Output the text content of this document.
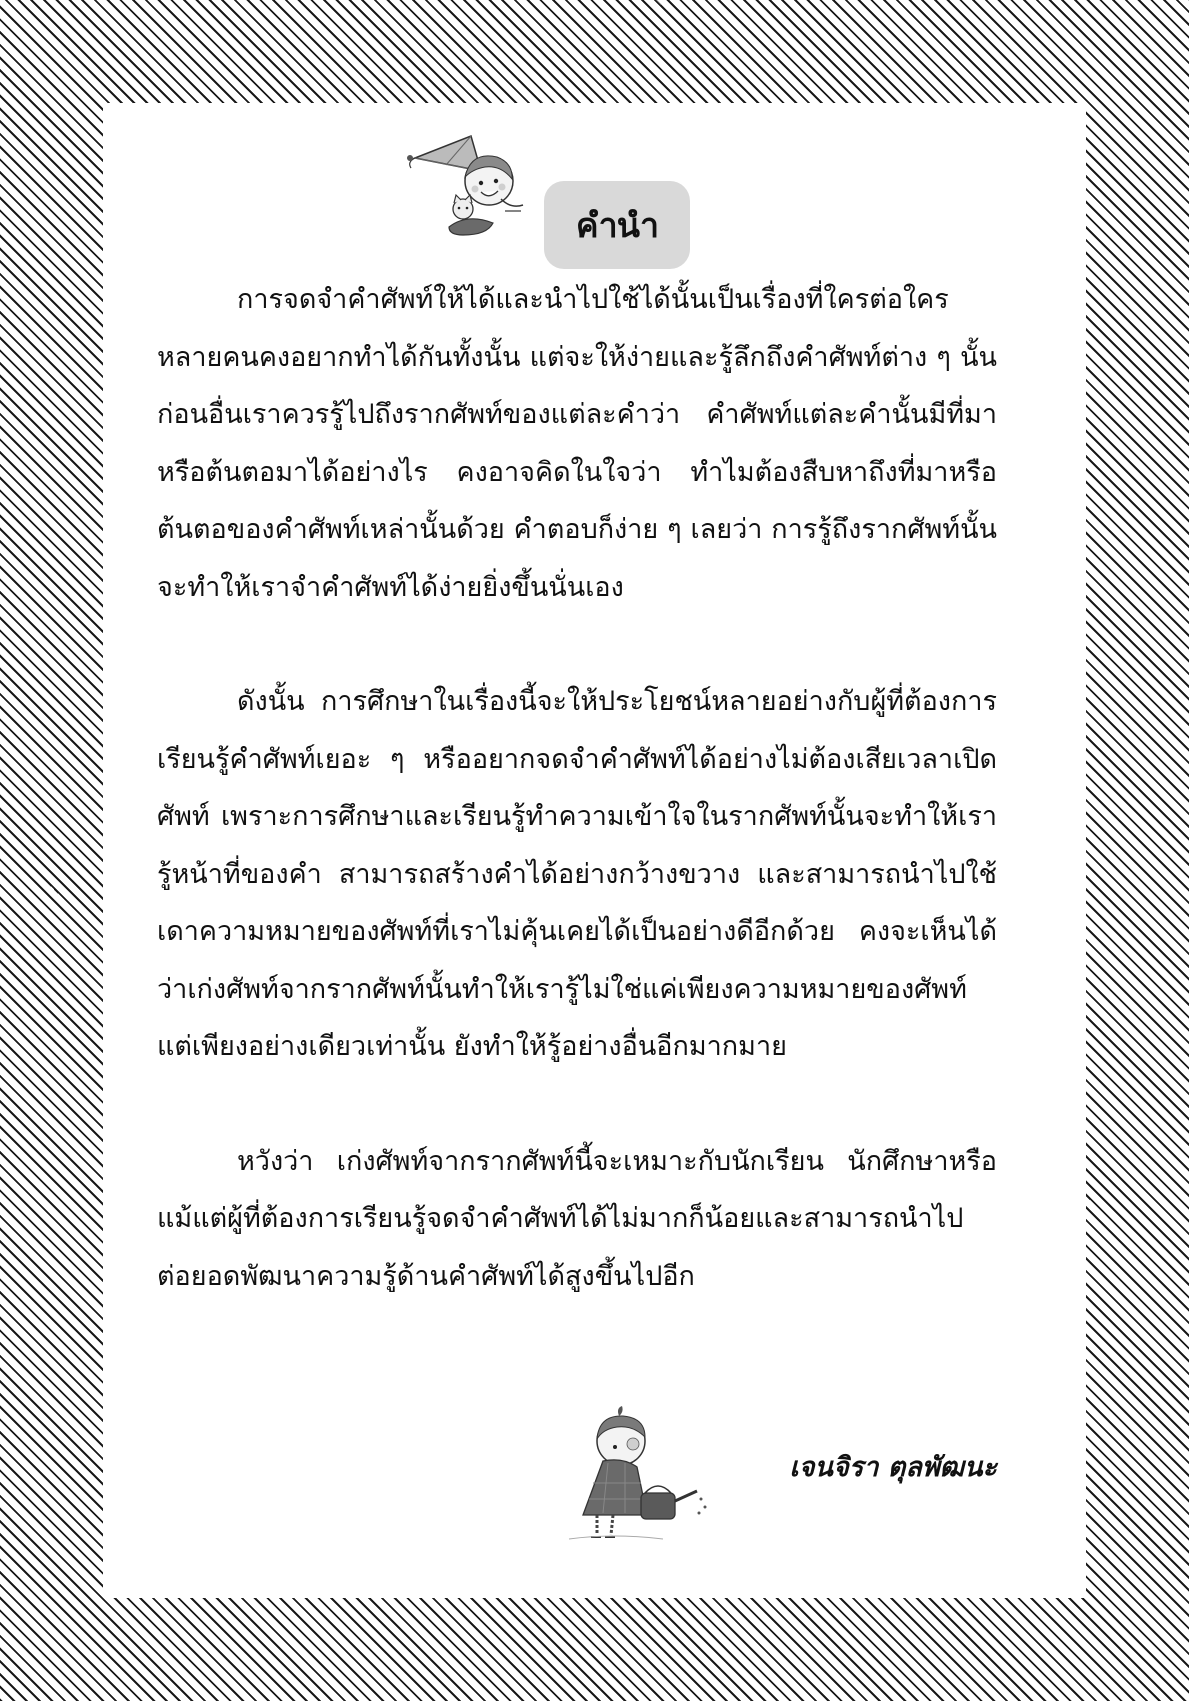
คำนำ

การจดจำคำศัพท์ให้ได้และนำไปใช้ได้นั้นเป็นเรื่องที่ใครต่อใครหลายคนคงอยากทำได้กันทั้งนั้น แต่จะให้ง่ายและรู้ลึกถึงคำศัพท์ต่าง ๆ นั้น ก่อนอื่นเราควรรู้ไปถึงรากศัพท์ของแต่ละคำว่า คำศัพท์แต่ละคำนั้นมีที่มาหรือต้นตอมาได้อย่างไร คงอาจคิดในใจว่า ทำไมต้องสืบหาถึงที่มาหรือต้นตอของคำศัพท์เหล่านั้นด้วย คำตอบก็ง่าย ๆ เลยว่า การรู้ถึงรากศัพท์นั้น จะทำให้เราจำคำศัพท์ได้ง่ายยิ่งขึ้นนั่นเอง

ดังนั้น การศึกษาในเรื่องนี้จะให้ประโยชน์หลายอย่างกับผู้ที่ต้องการเรียนรู้คำศัพท์เยอะ ๆ หรืออยากจดจำคำศัพท์ได้อย่างไม่ต้องเสียเวลาเปิดศัพท์ เพราะการศึกษาและเรียนรู้ทำความเข้าใจในรากศัพท์นั้นจะทำให้เรารู้หน้าที่ของคำ สามารถสร้างคำได้อย่างกว้างขวาง และสามารถนำไปใช้เดาความหมายของศัพท์ที่เราไม่คุ้นเคยได้เป็นอย่างดีอีกด้วย คงจะเห็นได้ว่าเก่งศัพท์จากรากศัพท์นั้นทำให้เรารู้ไม่ใช่แค่เพียงความหมายของศัพท์แต่เพียงอย่างเดียวเท่านั้น ยังทำให้รู้อย่างอื่นอีกมากมาย

หวังว่า เก่งศัพท์จากรากศัพท์นี้จะเหมาะกับนักเรียน นักศึกษาหรือแม้แต่ผู้ที่ต้องการเรียนรู้จดจำคำศัพท์ได้ไม่มากก็น้อยและสามารถนำไปต่อยอดพัฒนาความรู้ด้านคำศัพท์ได้สูงขึ้นไปอีก

เจนจิรา ตุลพัฒนะ
